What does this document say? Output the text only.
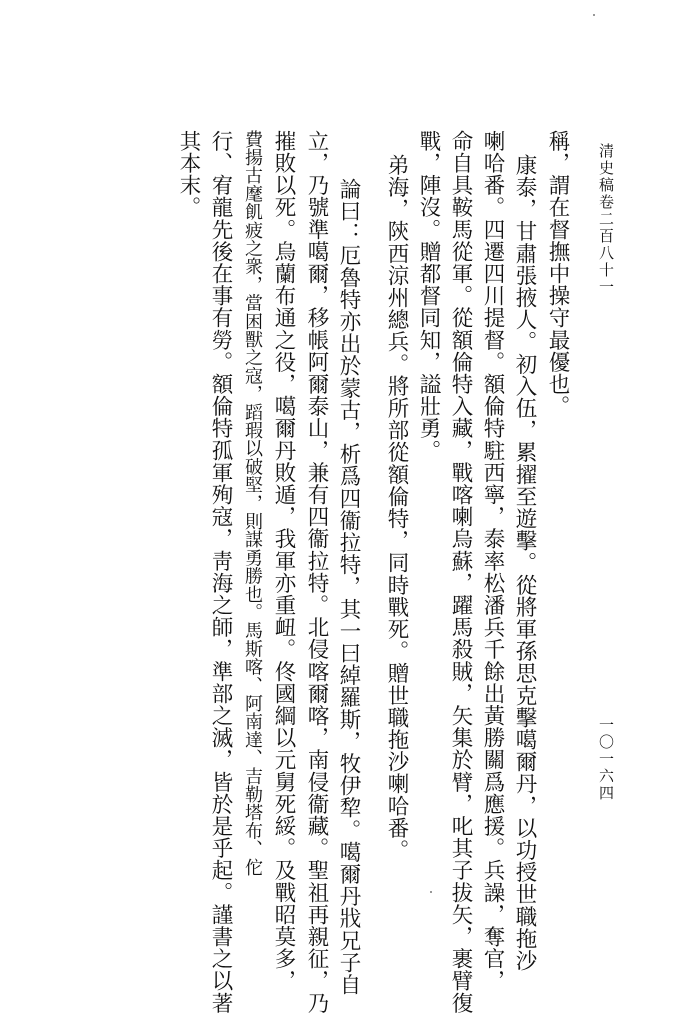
清史稿卷二百八十一
稱，謂在督撫中操守最優也。
康泰，甘肅張掖人。初入伍，累擢至遊擊。從將軍孫思克擊噶爾丹，以功授世職拖沙
喇哈番。四遷四川提督。額倫特駐西寧，泰率松潘兵千餘出黃勝關爲應援。兵譟，奪官，
命自具鞍馬從軍。從額倫特入藏，戰喀喇烏蘇，躍馬殺賊，矢集於臂，叱其子拔矢，裹臂復
戰，陣沒。贈都督同知，謚壯勇。
弟海，陝西涼州總兵。將所部從額倫特，同時戰死。贈世職拖沙喇哈番。
論曰：厄魯特亦出於蒙古，析爲四衞拉特，其一曰綽羅斯，牧伊犂。噶爾丹戕兄子自
立，乃號準噶爾，移帳阿爾泰山，兼有四衞拉特。北侵喀爾喀，南侵衞藏。聖祖再親征，乃
摧敗以死。烏蘭布通之役，噶爾丹敗遁，我軍亦重衄。佟國綱以元舅死綏。及戰昭莫多，
費揚古麾飢疲之衆，當困獸之寇，蹈瑕以破堅，則謀勇勝也。馬斯喀、阿南達、吉勒塔布、佗
行、宥龍先後在事有勞。額倫特孤軍殉寇，靑海之師，準部之滅，皆於是乎起。謹書之以著
其本末。
一〇一六四
